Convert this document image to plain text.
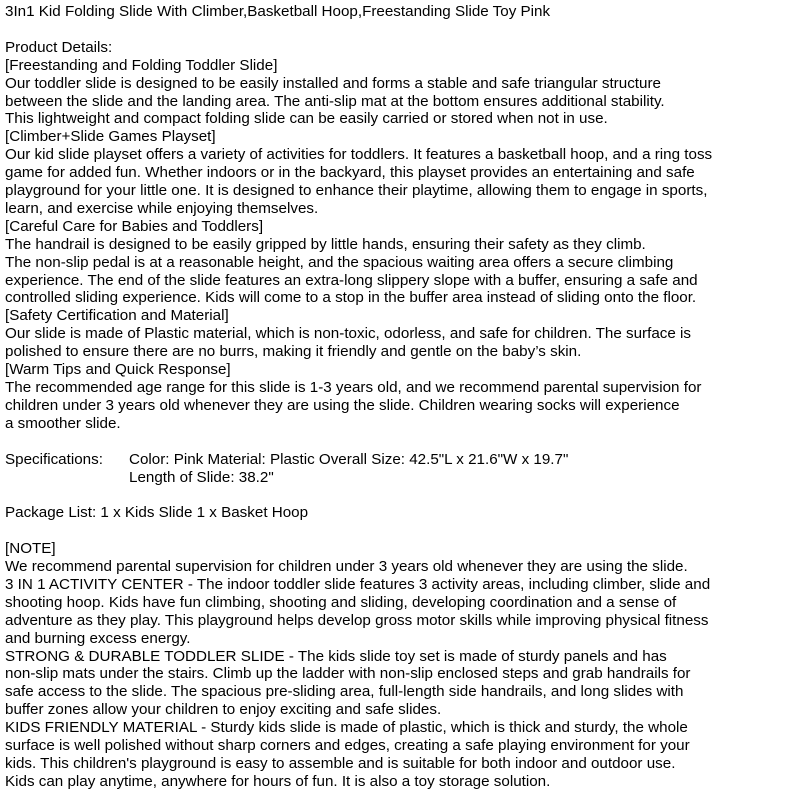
3In1 Kid Folding Slide With Climber,Basketball Hoop,Freestanding Slide Toy Pink
Product Details:
[Freestanding and Folding Toddler Slide]
Our toddler slide is designed to be easily installed and forms a stable and safe triangular structure
between the slide and the landing area. The anti-slip mat at the bottom ensures additional stability.
This lightweight and compact folding slide can be easily carried or stored when not in use.
[Climber+Slide Games Playset]
Our kid slide playset offers a variety of activities for toddlers. It features a basketball hoop, and a ring toss
game for added fun. Whether indoors or in the backyard, this playset provides an entertaining and safe
playground for your little one. It is designed to enhance their playtime, allowing them to engage in sports,
learn, and exercise while enjoying themselves.
[Careful Care for Babies and Toddlers]
The handrail is designed to be easily gripped by little hands, ensuring their safety as they climb.
The non-slip pedal is at a reasonable height, and the spacious waiting area offers a secure climbing
experience. The end of the slide features an extra-long slippery slope with a buffer, ensuring a safe and
controlled sliding experience. Kids will come to a stop in the buffer area instead of sliding onto the floor.
[Safety Certification and Material]
Our slide is made of Plastic material, which is non-toxic, odorless, and safe for children. The surface is
polished to ensure there are no burrs, making it friendly and gentle on the baby’s skin.
[Warm Tips and Quick Response]
The recommended age range for this slide is 1-3 years old, and we recommend parental supervision for
children under 3 years old whenever they are using the slide. Children wearing socks will experience
a smoother slide.
Specifications:	Color: Pink Material: Plastic Overall Size: 42.5"L x 21.6"W x 19.7"
Length of Slide: 38.2"
Package List: 1 x Kids Slide 1 x Basket Hoop
[NOTE]
We recommend parental supervision for children under 3 years old whenever they are using the slide.
3 IN 1 ACTIVITY CENTER - The indoor toddler slide features 3 activity areas, including climber, slide and
shooting hoop. Kids have fun climbing, shooting and sliding, developing coordination and a sense of
adventure as they play. This playground helps develop gross motor skills while improving physical fitness
and burning excess energy.
STRONG & DURABLE TODDLER SLIDE - The kids slide toy set is made of sturdy panels and has
non-slip mats under the stairs. Climb up the ladder with non-slip enclosed steps and grab handrails for
safe access to the slide. The spacious pre-sliding area, full-length side handrails, and long slides with
buffer zones allow your children to enjoy exciting and safe slides.
KIDS FRIENDLY MATERIAL - Sturdy kids slide is made of plastic, which is thick and sturdy, the whole
surface is well polished without sharp corners and edges, creating a safe playing environment for your
kids. This children's playground is easy to assemble and is suitable for both indoor and outdoor use.
Kids can play anytime, anywhere for hours of fun. It is also a toy storage solution.
